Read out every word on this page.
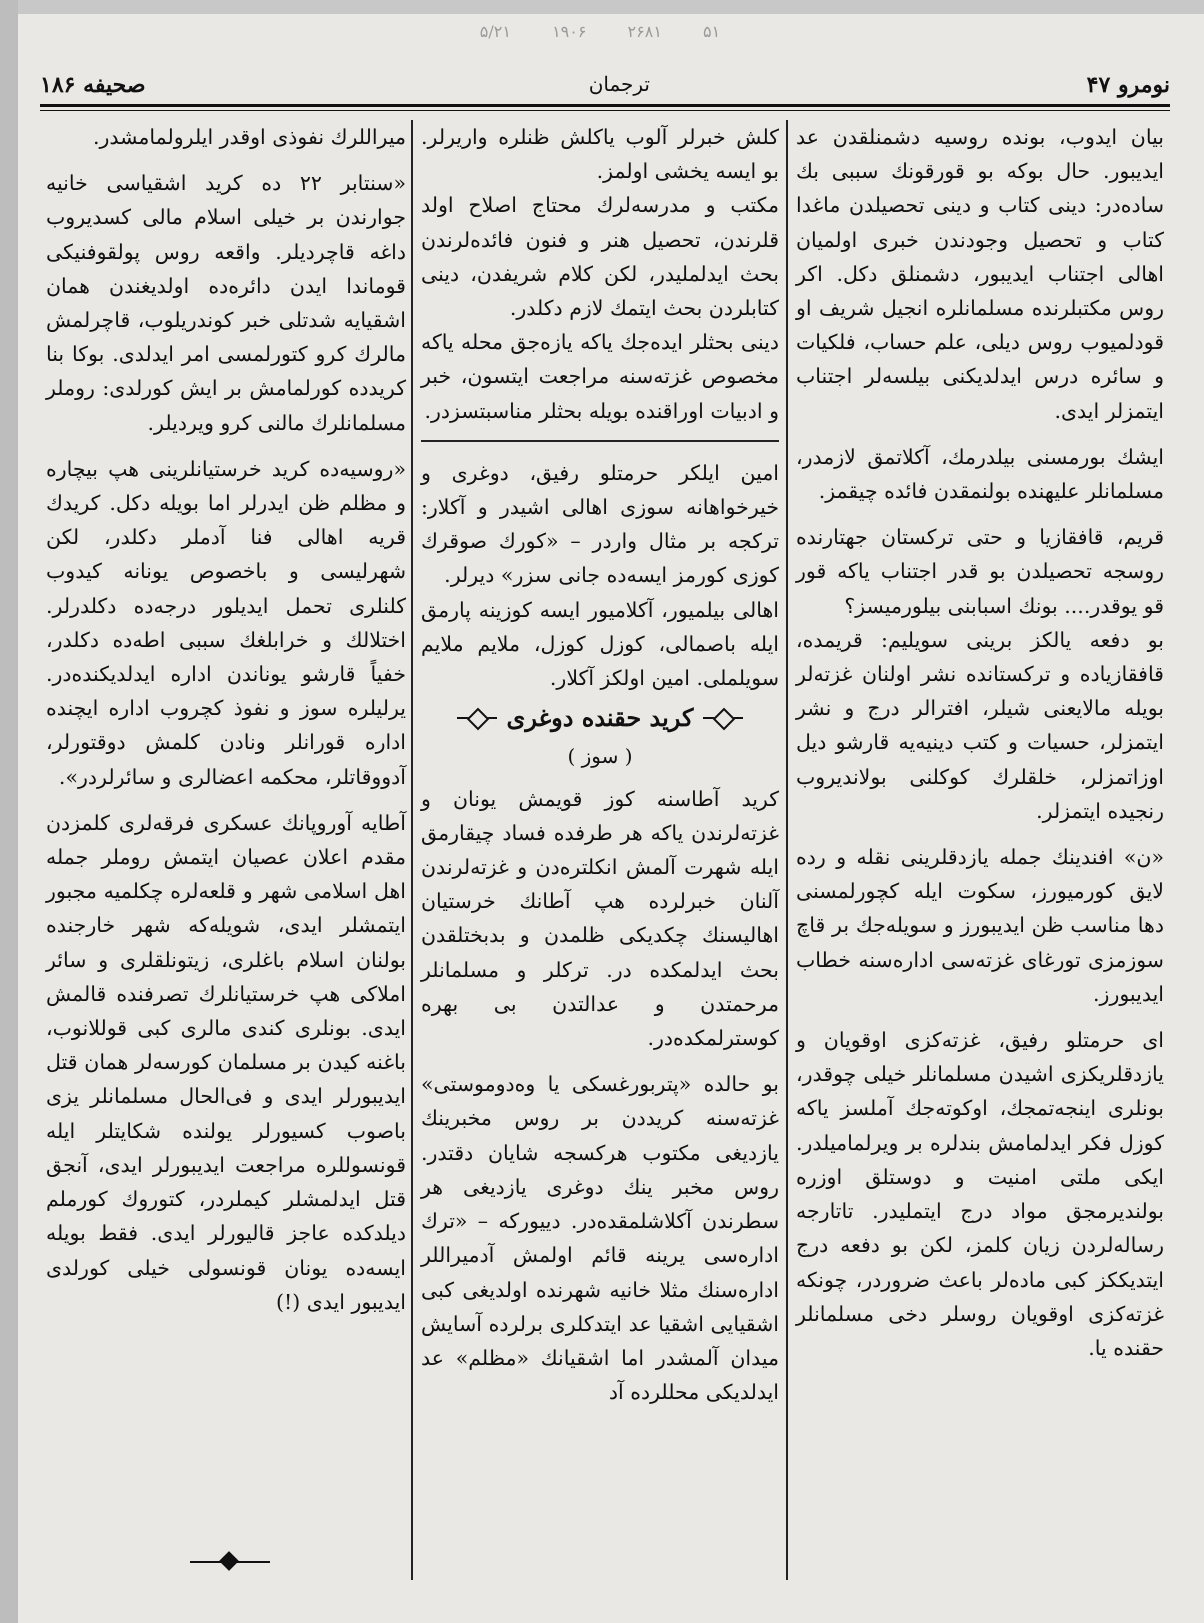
۵/۲۱	۱۹۰۶	۲۶۸۱	۵۱
نومرو ۴۷
ترجمان
صحیفه ۱۸۶

بیان ایدوب، بونده روسیه دشمنلقدن عد ایدیبور. حال بوکه بو قورقونك سببی بك ساده‌در: دینی کتاب و دینی تحصیلدن ماغدا کتاب و تحصیل وجودندن خبری اولمیان اهالی اجتناب ایدیبور، دشمنلق دکل. اکر روس مکتبلرنده مسلمانلره انجیل شریف او قودلمیوب روس دیلی، علم حساب، فلکیات و سائره درس ایدلدیکنی بیلسه‌لر اجتناب ایتمزلر ایدی.

ایشك بورمسنی بیلدرمك، آکلاتمق لازمدر، مسلمانلر علیهنده بولنمقدن فائده چیقمز.

قریم، قافقازیا و حتی ترکستان جهتارنده روسجه تحصیلدن بو قدر اجتناب یاکه قور قو یوقدر.... بونك اسبابنی بیلورمیسز؟

بو دفعه یالکز برینی سویلیم: قریمده، قافقازیاده و ترکستانده نشر اولنان غزته‌لر بویله مالایعنی شیلر، افترالر درج و نشر ایتمزلر، حسیات و کتب دینیه‌یه قارشو دیل اوزاتمزلر، خلقلرك کوکلنی بولاندیروب رنجیده ایتمزلر.

«ن» افندینك جمله یازدقلرینی نقله و رده لایق کورمیورز، سکوت ایله کچورلمسنی دها مناسب ظن ایدیبورز و سویله‌جك بر قاچ سوزمزی تورغای غزته‌سی اداره‌سنه خطاب ایدیبورز.

ای حرمتلو رفیق، غزته‌کزی اوقویان و یازدقلریکزی اشیدن مسلمانلر خیلی چوقدر، بونلری اینجه‌تمجك، اوکوته‌جك آملسز یاکه کوزل فکر ایدلمامش بندلره بر ویرلمامیلدر. ایکی ملتی امنیت و دوستلق اوزره بولندیرمجق مواد درج ایتملیدر. تاتارجه رساله‌لردن زیان کلمز، لکن بو دفعه درج ایتدیککز کبی ماده‌لر باعث ضروردر، چونکه غزته‌کزی اوقویان روسلر دخی مسلمانلر حقنده یا.

کلش خبرلر آلوب یاکلش ظنلره واریرلر. بو ایسه یخشی اولمز.

مکتب و مدرسه‌لرك محتاج اصلاح اولد قلرندن، تحصیل هنر و فنون فائده‌لرندن بحث ایدلملیدر، لکن کلام شریفدن، دینی کتابلردن بحث ایتمك لازم دکلدر.

دینی بحثلر ایده‌جك یاکه یازه‌جق محله یاکه مخصوص غزته‌سنه مراجعت ایتسون، خبر و ادبیات اوراقنده بویله بحثلر مناسبتسزدر.

امین ایلکر حرمتلو رفیق، دوغری و خیرخواهانه سوزی اهالی اشیدر و آکلار: ترکجه بر مثال واردر – «کورك صوقرك کوزی کورمز ایسه‌ده جانی سزر» دیرلر.

اهالی بیلمیور، آکلامیور ایسه کوزینه پارمق ایله باصمالی، کوزل کوزل، ملایم ملایم سویلملی. امین اولکز آکلار.

کرید حقنده دوغری
( سوز )

کرید آطاسنه کوز قویمش یونان و غزته‌لرندن یاکه هر طرفده فساد چیقارمق ایله شهرت آلمش انکلتره‌دن و غزته‌لرندن آلنان خبرلرده هپ آطانك خرستیان اهالیسنك چکدیکی ظلمدن و بدبختلقدن بحث ایدلمکده در. ترکلر و مسلمانلر مرحمتدن و عدالتدن بی بهره کوسترلمکده‌در.

بو حالده «پتربورغسکی یا وه‌دوموستی» غزته‌سنه کریددن بر روس مخبرینك یازدیغی مکتوب هرکسجه شایان دقتدر. روس مخبر ینك دوغری یازدیغی هر سطرندن آکلاشلمقده‌در. دییورکه – «ترك اداره‌سی یرینه قائم اولمش آدمیراللر اداره‌سنك مثلا خانیه شهرنده اولدیغی کبی اشقیایی اشقیا عد ایتدکلری برلرده آسایش میدان آلمشدر اما اشقیانك «مظلم» عد ایدلدیکی محللرده آد

میراللرك نفوذی اوقدر ایلرولمامشدر.

«سنتابر ۲۲ ده کرید اشقیاسی خانیه جوارندن بر خیلی اسلام مالی کسدیروب داغه قاچردیلر. واقعه روس پولقوفنیکی قوماندا ایدن دائره‌ده اولدیغندن همان اشقیایه شدتلی خبر کوندریلوب، قاچرلمش مالرك کرو کتورلمسی امر ایدلدی. بوکا بنا کریدده کورلمامش بر ایش کورلدی: روملر مسلمانلرك مالنی کرو ویردیلر.

«روسیه‌ده کرید خرستیانلرینی هپ بیچاره و مظلم ظن ایدرلر اما بویله دکل. کریدك قریه اهالی فنا آدملر دکلدر، لکن شهرلیسی و باخصوص یونانه کیدوب کلنلری تحمل ایدیلور درجه‌ده دکلدرلر. اختلالك و خرابلغك سببی اطه‌ده دکلدر، خفیاً قارشو یوناندن اداره ایدلدیکنده‌در. یرلیلره سوز و نفوذ کچروب اداره ایچنده اداره قورانلر ونادن کلمش دوقتورلر، آدووقاتلر، محکمه اعضالری و سائرلردر».

آطایه آوروپانك عسکری فرقه‌لری کلمزدن مقدم اعلان عصیان ایتمش روملر جمله اهل اسلامی شهر و قلعه‌لره چکلمیه مجبور ایتمشلر ایدی، شویله‌که شهر خارجنده بولنان اسلام باغلری، زیتونلقلری و سائر املاکی هپ خرستیانلرك تصرفنده قالمش ایدی. بونلری کندی مالری کبی قوللانوب، باغنه کیدن بر مسلمان کورسه‌لر همان قتل ایدیبورلر ایدی و فی‌الحال مسلمانلر یزی باصوب کسیورلر یولنده شکایتلر ایله قونسوللره مراجعت ایدیبورلر ایدی، آنجق قتل ایدلمشلر کیملردر، کتوروك کورملم دیلدکده عاجز قالیورلر ایدی. فقط بویله ایسه‌ده یونان قونسولی خیلی کورلدی ایدیبور ایدی (!)
